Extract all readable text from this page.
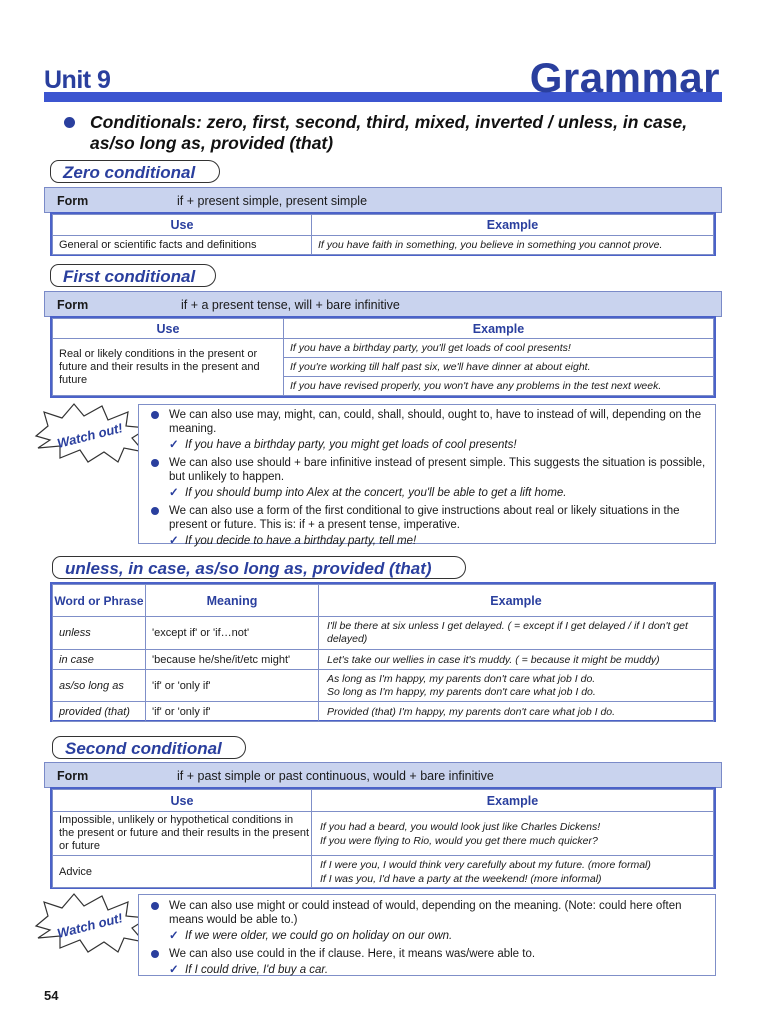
Unit 9	Grammar
Conditionals: zero, first, second, third, mixed, inverted / unless, in case, as/so long as, provided (that)
Zero conditional
Form	if + present simple, present simple
Use	Example
General or scientific facts and definitions	If you have faith in something, you believe in something you cannot prove.
First conditional
Form	if + a present tense, will + bare infinitive
Use	Example
Real or likely conditions in the present or future and their results in the present and future	If you have a birthday party, you'll get loads of cool presents!
	If you're working till half past six, we'll have dinner at about eight.
	If you have revised properly, you won't have any problems in the test next week.
Watch out!
We can also use may, might, can, could, shall, should, ought to, have to instead of will, depending on the meaning.
✓ If you have a birthday party, you might get loads of cool presents!
We can also use should + bare infinitive instead of present simple. This suggests the situation is possible, but unlikely to happen.
✓ If you should bump into Alex at the concert, you'll be able to get a lift home.
We can also use a form of the first conditional to give instructions about real or likely situations in the present or future. This is: if + a present tense, imperative.
✓ If you decide to have a birthday party, tell me!
unless, in case, as/so long as, provided (that)
Word or Phrase	Meaning	Example
unless	'except if' or 'if…not'	I'll be there at six unless I get delayed. ( = except if I get delayed / if I don't get delayed)
in case	'because he/she/it/etc might'	Let's take our wellies in case it's muddy. ( = because it might be muddy)
as/so long as	'if' or 'only if'	As long as I'm happy, my parents don't care what job I do.
So long as I'm happy, my parents don't care what job I do.

provided (that)	'if' or 'only if'	Provided (that) I'm happy, my parents don't care what job I do.
Second conditional
Form	if + past simple or past continuous, would + bare infinitive
Use	Example
Impossible, unlikely or hypothetical conditions in the present or future and their results in the present or future	If you had a beard, you would look just like Charles Dickens!
If you were flying to Rio, would you get there much quicker?

Advice	If I were you, I would think very carefully about my future. (more formal)
If I was you, I'd have a party at the weekend! (more informal)
Watch out!
We can also use might or could instead of would, depending on the meaning. (Note: could here often means would be able to.)
✓ If we were older, we could go on holiday on our own.
We can also use could in the if clause. Here, it means was/were able to.
✓ If I could drive, I'd buy a car.
54
